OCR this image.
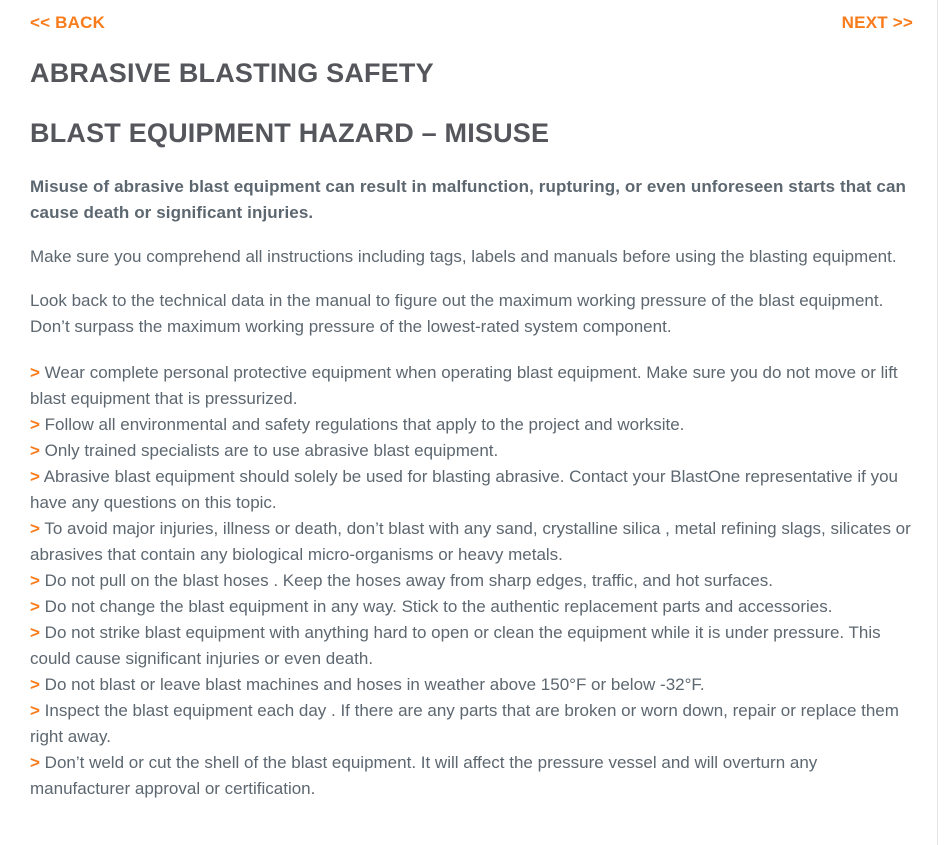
<< BACK	NEXT >>
ABRASIVE BLASTING SAFETY
BLAST EQUIPMENT HAZARD – MISUSE

Misuse of abrasive blast equipment can result in malfunction, rupturing, or even unforeseen starts that can cause death or significant injuries.

Make sure you comprehend all instructions including tags, labels and manuals before using the blasting equipment.

Look back to the technical data in the manual to figure out the maximum working pressure of the blast equipment. Don’t surpass the maximum working pressure of the lowest-rated system component.

> Wear complete personal protective equipment when operating blast equipment. Make sure you do not move or lift blast equipment that is pressurized.
> Follow all environmental and safety regulations that apply to the project and worksite.
> Only trained specialists are to use abrasive blast equipment.
> Abrasive blast equipment should solely be used for blasting abrasive. Contact your BlastOne representative if you have any questions on this topic.
> To avoid major injuries, illness or death, don’t blast with any sand, crystalline silica , metal refining slags, silicates or abrasives that contain any biological micro-organisms or heavy metals.
> Do not pull on the blast hoses . Keep the hoses away from sharp edges, traffic, and hot surfaces.
> Do not change the blast equipment in any way. Stick to the authentic replacement parts and accessories.
> Do not strike blast equipment with anything hard to open or clean the equipment while it is under pressure. This could cause significant injuries or even death.
> Do not blast or leave blast machines and hoses in weather above 150°F or below -32°F.
> Inspect the blast equipment each day . If there are any parts that are broken or worn down, repair or replace them right away.
> Don’t weld or cut the shell of the blast equipment. It will affect the pressure vessel and will overturn any manufacturer approval or certification.
